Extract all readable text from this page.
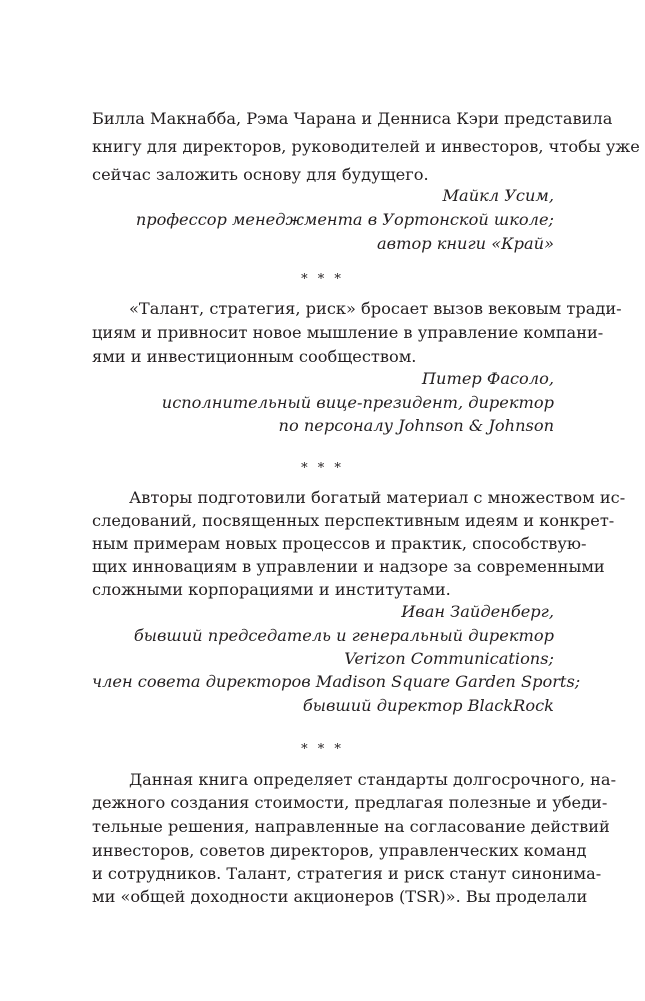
Билла Макнабба, Рэма Чарана и Денниса Кэри представила
книгу для директоров, руководителей и инвесторов, чтобы уже
сейчас заложить основу для будущего.
Майкл Усим,
профессор менеджмента в Уортонской школе;
автор книги «Край»
* * *
«Талант, стратегия, риск» бросает вызов вековым тради-
циям и привносит новое мышление в управление компани-
ями и инвестиционным сообществом.
Питер Фасоло,
исполнительный вице-президент, директор
по персоналу Johnson & Johnson
* * *
Авторы подготовили богатый материал с множеством ис-
следований, посвященных перспективным идеям и конкрет-
ным примерам новых процессов и практик, способствую-
щих инновациям в управлении и надзоре за современными
сложными корпорациями и институтами.
Иван Зайденберг,
бывший председатель и генеральный директор
Verizon Communications;
член совета директоров Madison Square Garden Sports;
бывший директор BlackRock
* * *
Данная книга определяет стандарты долгосрочного, на-
дежного создания стоимости, предлагая полезные и убеди-
тельные решения, направленные на согласование действий
инвесторов, советов директоров, управленческих команд
и сотрудников. Талант, стратегия и риск станут синонима-
ми «общей доходности акционеров (TSR)». Вы проделали
